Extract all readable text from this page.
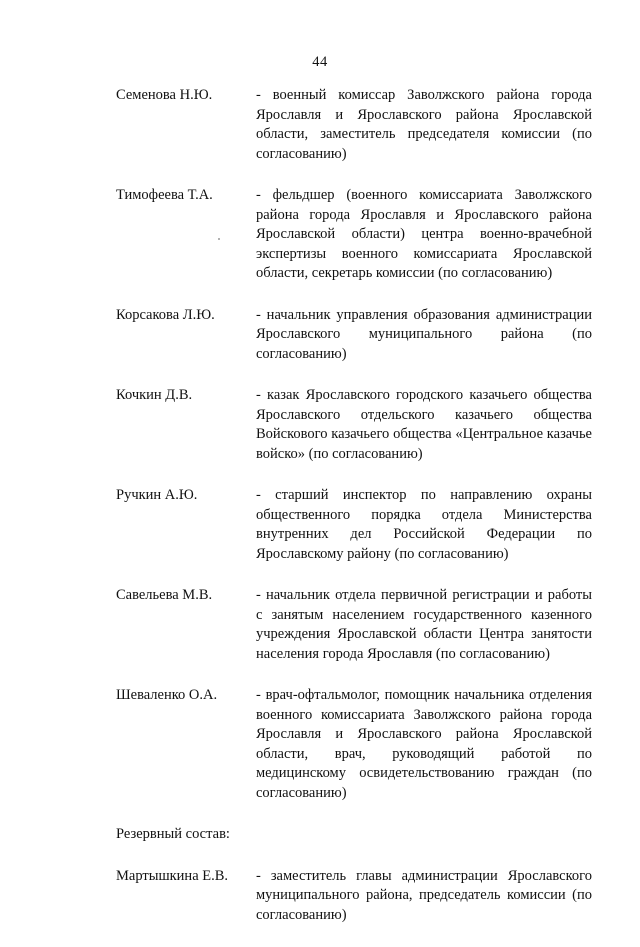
44
Семенова Н.Ю.	- военный комиссар Заволжского района города Ярославля и Ярославского района Ярославской области, заместитель председателя комиссии (по согласованию)
Тимофеева Т.А.	- фельдшер (военного комиссариата Заволжского района города Ярославля и Ярославского района Ярославской области) центра военно-врачебной экспертизы военного комиссариата Ярославской области, секретарь комиссии (по согласованию)
Корсакова Л.Ю.	- начальник управления образования администрации Ярославского муниципального района (по согласованию)
Кочкин Д.В.	- казак Ярославского городского казачьего общества Ярославского отдельского казачьего общества Войскового казачьего общества «Центральное казачье войско» (по согласованию)
Ручкин А.Ю.	- старший инспектор по направлению охраны общественного порядка отдела Министерства внутренних дел Российской Федерации по Ярославскому району (по согласованию)
Савельева М.В.	- начальник отдела первичной регистрации и работы с занятым населением государственного казенного учреждения Ярославской области Центра занятости населения города Ярославля (по согласованию)
Шеваленко О.А.	- врач-офтальмолог, помощник начальника отделения военного комиссариата Заволжского района города Ярославля и Ярославского района Ярославской области, врач, руководящий работой по медицинскому освидетельствованию граждан (по согласованию)
Резервный состав:
Мартышкина Е.В.	- заместитель главы администрации Ярославского муниципального района, председатель комиссии (по согласованию)
